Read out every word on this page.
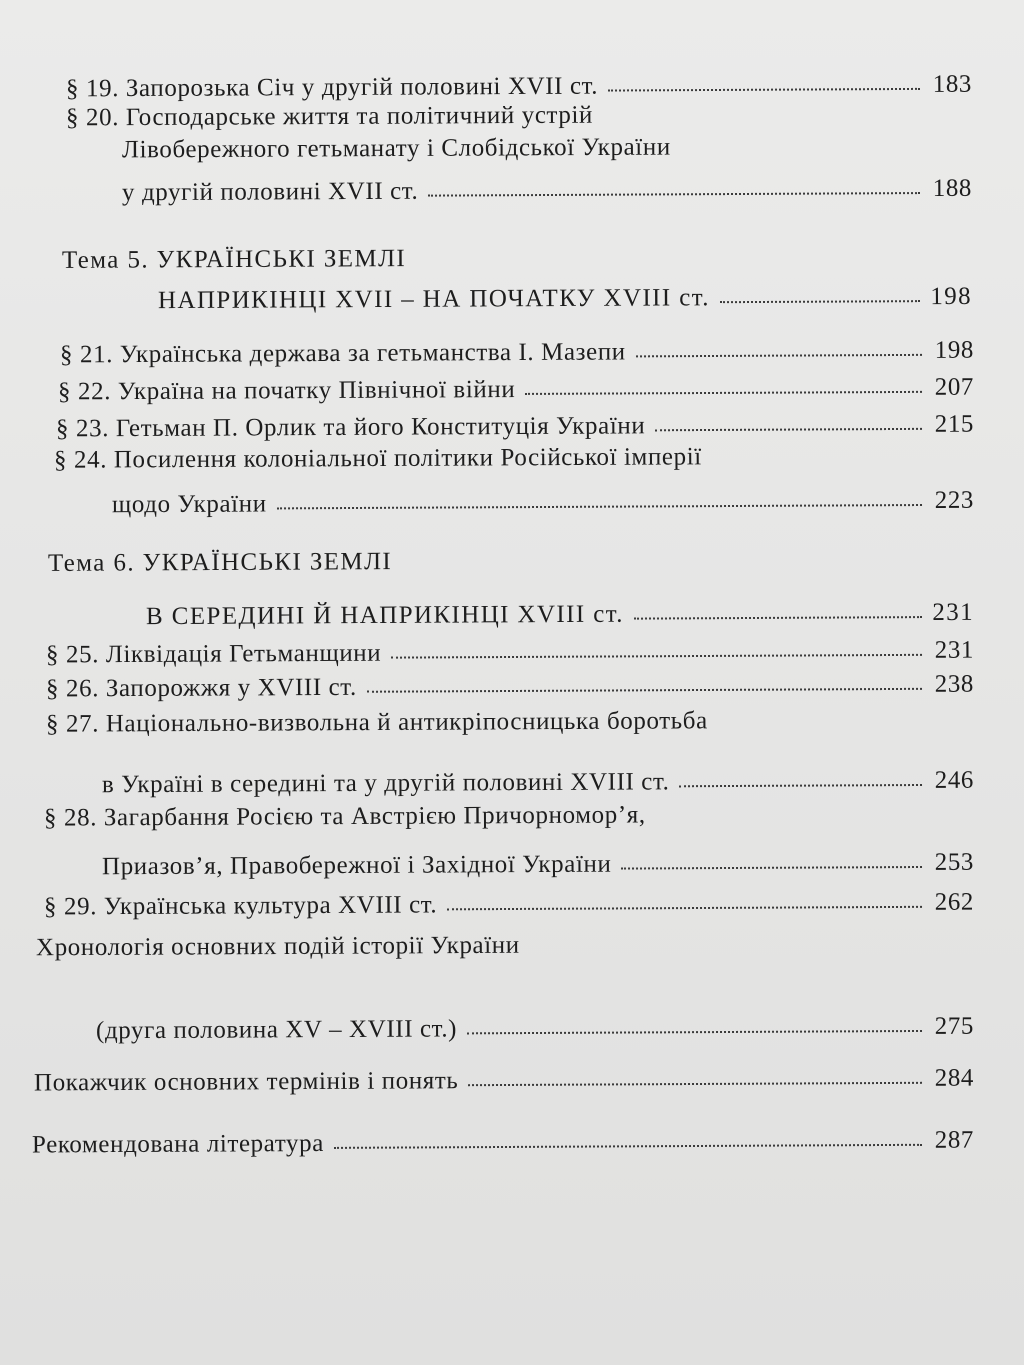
§ 19. Запорозька Січ у другій половині XVII ст.	183
§ 20. Господарське життя та політичний устрій
Лівобережного гетьманату і Слобідської України
у другій половині XVII ст.	188
Тема 5. УКРАЇНСЬКІ ЗЕМЛІ
НАПРИКІНЦІ XVII – НА ПОЧАТКУ XVIII ст.	198
§ 21. Українська держава за гетьманства І. Мазепи	198
§ 22. Україна на початку Північної війни	207
§ 23. Гетьман П. Орлик та його Конституція України	215
§ 24. Посилення колоніальної політики Російської імперії
щодо України	223
Тема 6. УКРАЇНСЬКІ ЗЕМЛІ
В СЕРЕДИНІ Й НАПРИКІНЦІ XVIII ст.	231
§ 25. Ліквідація Гетьманщини	231
§ 26. Запорожжя у XVIII ст.	238
§ 27. Національно-визвольна й антикріпосницька боротьба
в Україні в середині та у другій половині XVIII ст.	246
§ 28. Загарбання Росією та Австрією Причорномор’я,
Приазов’я, Правобережної і Західної України	253
§ 29. Українська культура XVIII ст.	262
Хронологія основних подій історії України
(друга половина XV – XVIII ст.)	275
Покажчик основних термінів і понять	284
Рекомендована література	287
